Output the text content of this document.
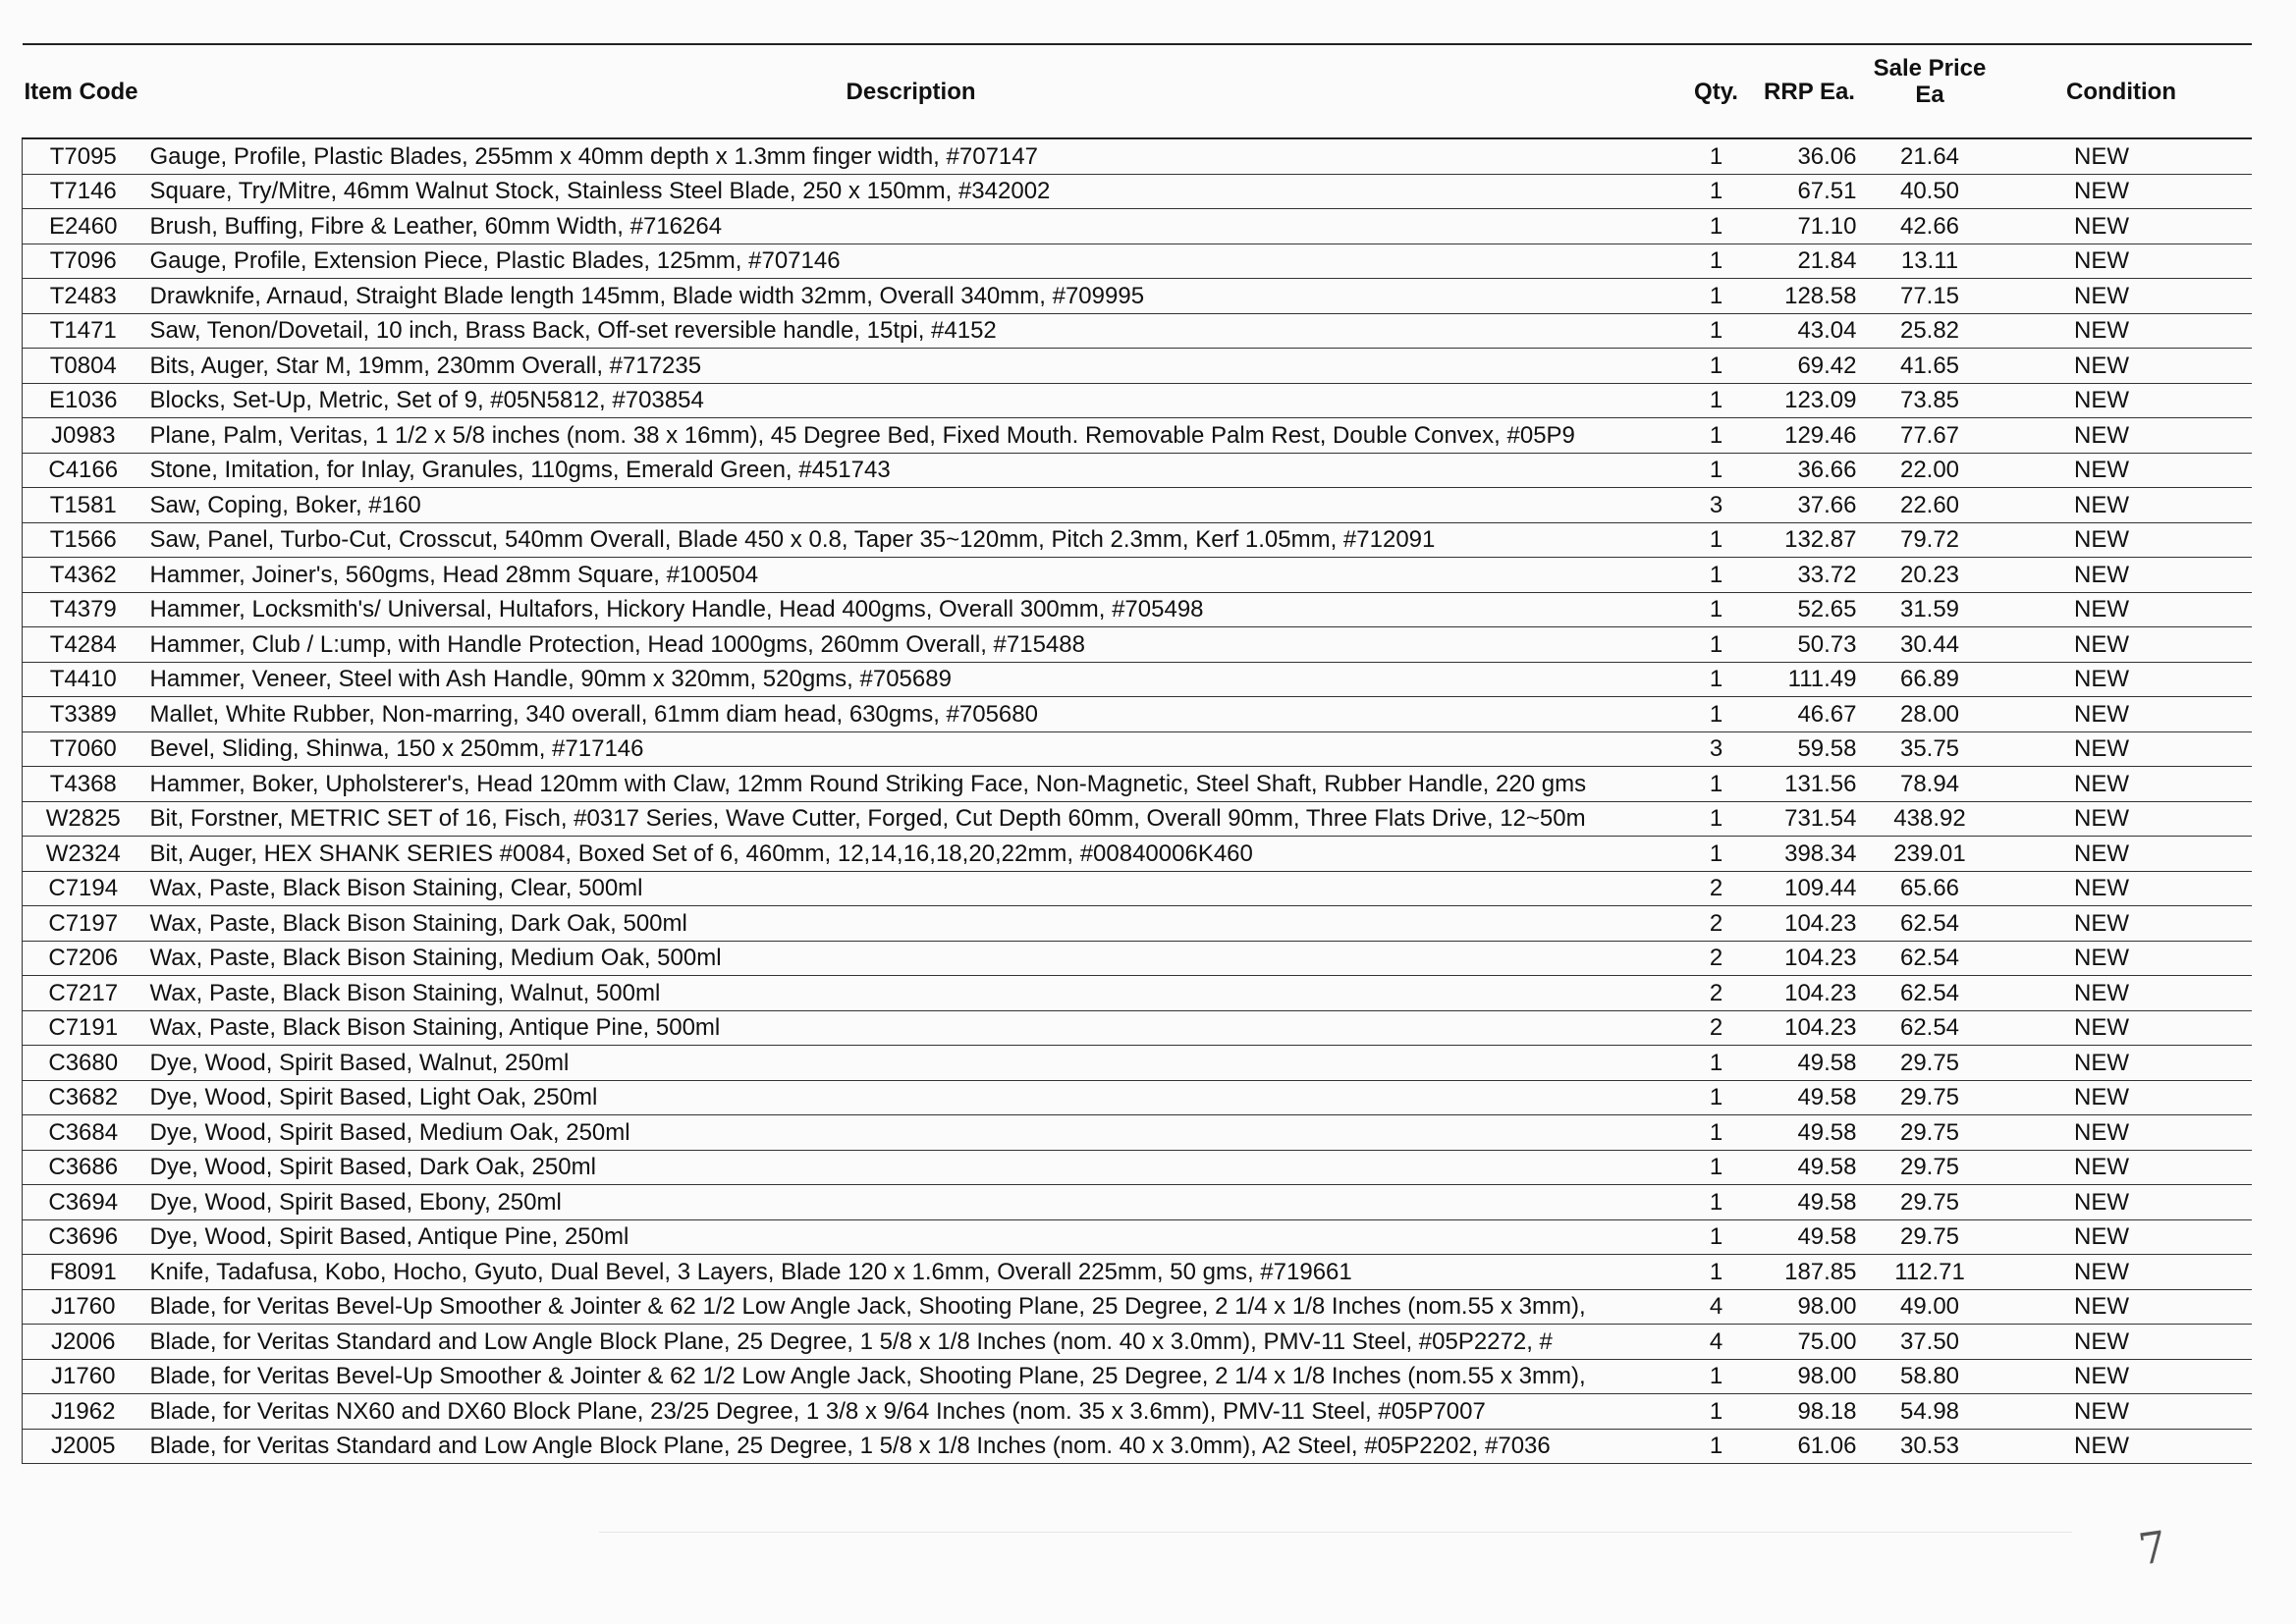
Item Code	Description	Qty.	RRP Ea.	Sale Price Ea	Condition
T7095	Gauge, Profile, Plastic Blades, 255mm x 40mm depth x 1.3mm finger width, #707147	1	36.06	21.64	NEW
T7146	Square, Try/Mitre, 46mm Walnut Stock, Stainless Steel Blade, 250 x 150mm, #342002	1	67.51	40.50	NEW
E2460	Brush, Buffing, Fibre & Leather, 60mm Width, #716264	1	71.10	42.66	NEW
T7096	Gauge, Profile, Extension Piece, Plastic Blades, 125mm, #707146	1	21.84	13.11	NEW
T2483	Drawknife, Arnaud, Straight Blade length 145mm, Blade width 32mm, Overall 340mm, #709995	1	128.58	77.15	NEW
T1471	Saw, Tenon/Dovetail, 10 inch, Brass Back, Off-set reversible handle, 15tpi, #4152	1	43.04	25.82	NEW
T0804	Bits, Auger, Star M, 19mm, 230mm Overall, #717235	1	69.42	41.65	NEW
E1036	Blocks, Set-Up, Metric, Set of 9, #05N5812, #703854	1	123.09	73.85	NEW
J0983	Plane, Palm, Veritas, 1 1/2 x 5/8 inches (nom. 38 x 16mm), 45 Degree Bed, Fixed Mouth. Removable Palm Rest, Double Convex, #05P9	1	129.46	77.67	NEW
C4166	Stone, Imitation, for Inlay, Granules, 110gms, Emerald Green, #451743	1	36.66	22.00	NEW
T1581	Saw, Coping, Boker, #160	3	37.66	22.60	NEW
T1566	Saw, Panel, Turbo-Cut, Crosscut, 540mm Overall, Blade 450 x 0.8, Taper 35~120mm, Pitch 2.3mm, Kerf 1.05mm, #712091	1	132.87	79.72	NEW
T4362	Hammer, Joiner's, 560gms, Head 28mm Square, #100504	1	33.72	20.23	NEW
T4379	Hammer, Locksmith's/ Universal, Hultafors, Hickory Handle, Head 400gms, Overall 300mm, #705498	1	52.65	31.59	NEW
T4284	Hammer, Club / L:ump, with Handle Protection, Head 1000gms, 260mm Overall, #715488	1	50.73	30.44	NEW
T4410	Hammer, Veneer, Steel with Ash Handle, 90mm x 320mm, 520gms, #705689	1	111.49	66.89	NEW
T3389	Mallet, White Rubber, Non-marring, 340 overall, 61mm diam head, 630gms, #705680	1	46.67	28.00	NEW
T7060	Bevel, Sliding, Shinwa, 150 x 250mm, #717146	3	59.58	35.75	NEW
T4368	Hammer, Boker, Upholsterer's, Head 120mm with Claw, 12mm Round Striking Face, Non-Magnetic, Steel Shaft, Rubber Handle, 220 gms	1	131.56	78.94	NEW
W2825	Bit, Forstner, METRIC SET of 16, Fisch, #0317 Series, Wave Cutter, Forged, Cut Depth 60mm, Overall 90mm, Three Flats Drive, 12~50m	1	731.54	438.92	NEW
W2324	Bit, Auger, HEX SHANK SERIES #0084, Boxed Set of 6, 460mm, 12,14,16,18,20,22mm, #00840006K460	1	398.34	239.01	NEW
C7194	Wax, Paste, Black Bison Staining, Clear, 500ml	2	109.44	65.66	NEW
C7197	Wax, Paste, Black Bison Staining, Dark Oak, 500ml	2	104.23	62.54	NEW
C7206	Wax, Paste, Black Bison Staining, Medium Oak, 500ml	2	104.23	62.54	NEW
C7217	Wax, Paste, Black Bison Staining, Walnut, 500ml	2	104.23	62.54	NEW
C7191	Wax, Paste, Black Bison Staining, Antique Pine, 500ml	2	104.23	62.54	NEW
C3680	Dye, Wood, Spirit Based, Walnut, 250ml	1	49.58	29.75	NEW
C3682	Dye, Wood, Spirit Based, Light Oak, 250ml	1	49.58	29.75	NEW
C3684	Dye, Wood, Spirit Based, Medium Oak, 250ml	1	49.58	29.75	NEW
C3686	Dye, Wood, Spirit Based, Dark Oak, 250ml	1	49.58	29.75	NEW
C3694	Dye, Wood, Spirit Based, Ebony, 250ml	1	49.58	29.75	NEW
C3696	Dye, Wood, Spirit Based, Antique Pine, 250ml	1	49.58	29.75	NEW
F8091	Knife, Tadafusa, Kobo, Hocho, Gyuto, Dual Bevel, 3 Layers, Blade 120 x 1.6mm, Overall 225mm, 50 gms, #719661	1	187.85	112.71	NEW
J1760	Blade, for Veritas Bevel-Up Smoother & Jointer & 62 1/2 Low Angle Jack, Shooting Plane, 25 Degree, 2 1/4 x 1/8 Inches (nom.55 x 3mm),	4	98.00	49.00	NEW
J2006	Blade, for Veritas Standard and Low Angle Block Plane, 25 Degree, 1 5/8 x 1/8 Inches (nom. 40 x 3.0mm), PMV-11 Steel, #05P2272, #	4	75.00	37.50	NEW
J1760	Blade, for Veritas Bevel-Up Smoother & Jointer & 62 1/2 Low Angle Jack, Shooting Plane, 25 Degree, 2 1/4 x 1/8 Inches (nom.55 x 3mm),	1	98.00	58.80	NEW
J1962	Blade, for Veritas NX60 and DX60 Block Plane, 23/25 Degree, 1 3/8 x 9/64 Inches (nom. 35 x 3.6mm), PMV-11 Steel, #05P7007	1	98.18	54.98	NEW
J2005	Blade, for Veritas Standard and Low Angle Block Plane, 25 Degree, 1 5/8 x 1/8 Inches (nom. 40 x 3.0mm), A2 Steel, #05P2202, #7036	1	61.06	30.53	NEW
7
